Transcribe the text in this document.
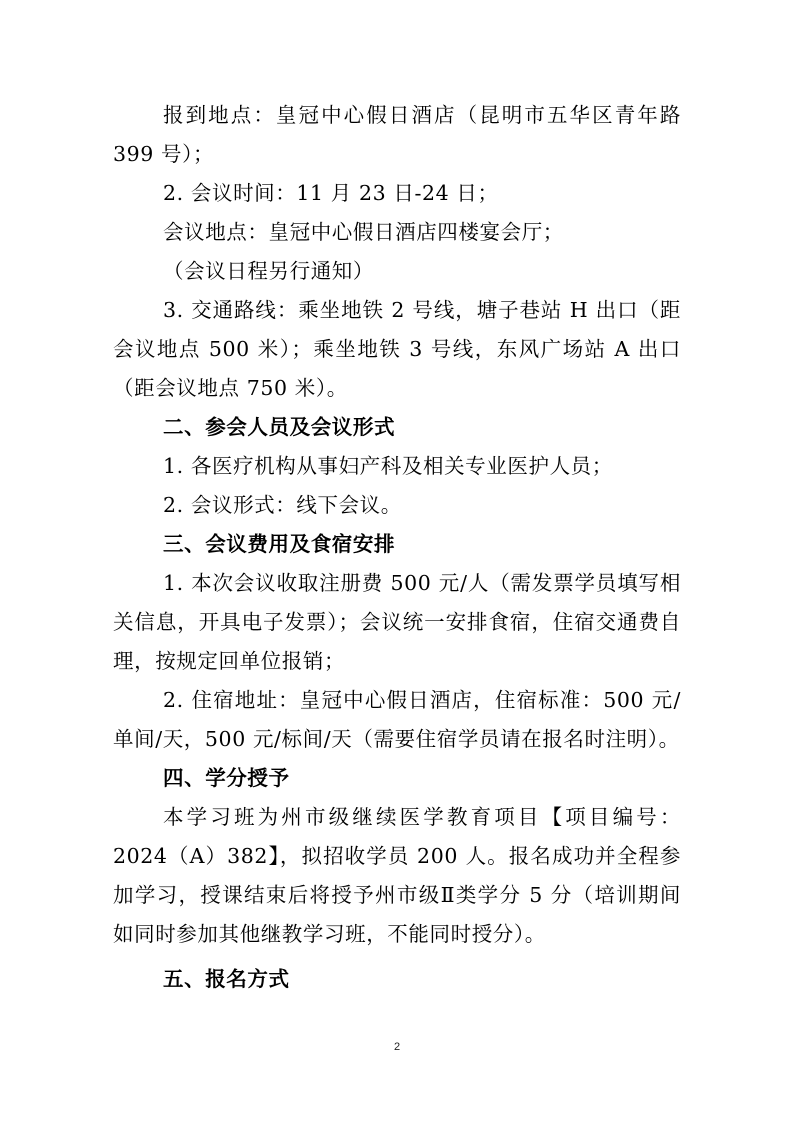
报到地点：皇冠中心假日酒店（昆明市五华区青年路 399 号）；

2. 会议时间：11 月 23 日-24 日；

会议地点：皇冠中心假日酒店四楼宴会厅；

（会议日程另行通知）

3. 交通路线：乘坐地铁 2 号线，塘子巷站 H 出口（距会议地点 500 米）；乘坐地铁 3 号线，东风广场站 A 出口（距会议地点 750 米）。

二、参会人员及会议形式

1. 各医疗机构从事妇产科及相关专业医护人员；

2. 会议形式：线下会议。

三、会议费用及食宿安排

1. 本次会议收取注册费 500 元/人（需发票学员填写相关信息，开具电子发票）；会议统一安排食宿，住宿交通费自理，按规定回单位报销；

2. 住宿地址：皇冠中心假日酒店，住宿标准：500 元/单间/天，500 元/标间/天（需要住宿学员请在报名时注明）。

四、学分授予

本学习班为州市级继续医学教育项目【项目编号：2024（A）382】，拟招收学员 200 人。报名成功并全程参加学习，授课结束后将授予州市级Ⅱ类学分 5 分（培训期间如同时参加其他继教学习班，不能同时授分）。

五、报名方式

2
